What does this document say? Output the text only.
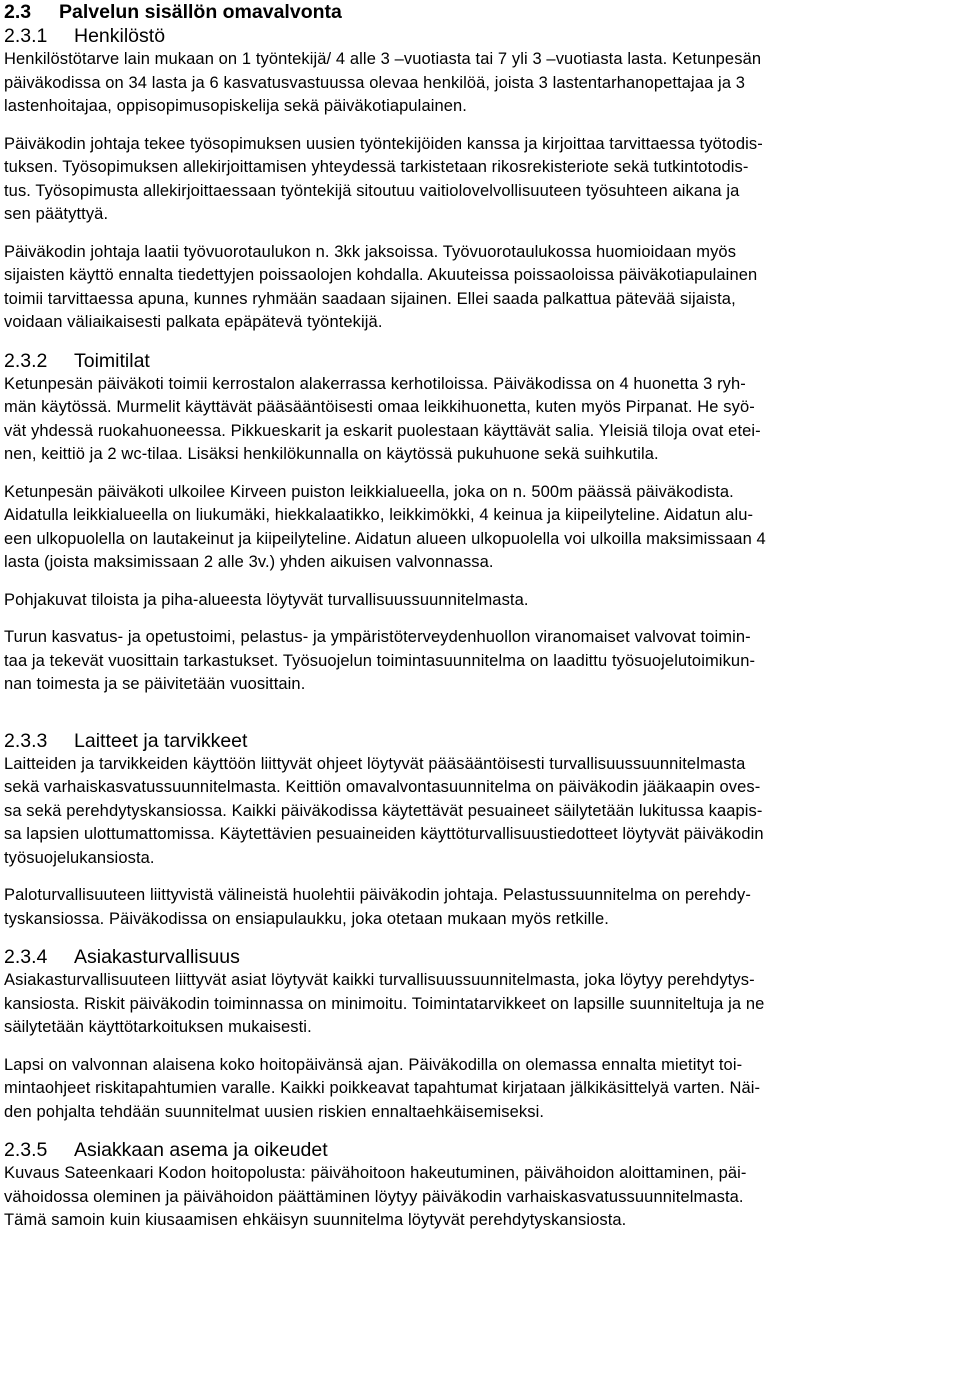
2.3 Palvelun sisällön omavalvonta
2.3.1 Henkilöstö
Henkilöstötarve lain mukaan on 1 työntekijä/ 4 alle 3 –vuotiasta tai 7 yli 3 –vuotiasta lasta. Ketunpesän
päiväkodissa on 34 lasta ja 6 kasvatusvastuussa olevaa henkilöä, joista 3 lastentarhanopettajaa ja 3
lastenhoitajaa, oppisopimusopiskelija sekä päiväkotiapulainen.
Päiväkodin johtaja tekee työsopimuksen uusien työntekijöiden kanssa ja kirjoittaa tarvittaessa työtodis-
tuksen. Työsopimuksen allekirjoittamisen yhteydessä tarkistetaan rikosrekisteriote sekä tutkintotodis-
tus. Työsopimusta allekirjoittaessaan työntekijä sitoutuu vaitiolovelvollisuuteen työsuhteen aikana ja
sen päätyttyä.
Päiväkodin johtaja laatii työvuorotaulukon n. 3kk jaksoissa. Työvuorotaulukossa huomioidaan myös
sijaisten käyttö ennalta tiedettyjen poissaolojen kohdalla. Akuuteissa poissaoloissa päiväkotiapulainen
toimii tarvittaessa apuna, kunnes ryhmään saadaan sijainen. Ellei saada palkattua pätevää sijaista,
voidaan väliaikaisesti palkata epäpätevä työntekijä.
2.3.2 Toimitilat
Ketunpesän päiväkoti toimii kerrostalon alakerrassa kerhotiloissa. Päiväkodissa on 4 huonetta 3 ryh-
män käytössä. Murmelit käyttävät pääsääntöisesti omaa leikkihuonetta, kuten myös Pirpanat. He syö-
vät yhdessä ruokahuoneessa. Pikkueskarit ja eskarit puolestaan käyttävät salia. Yleisiä tiloja ovat etei-
nen, keittiö ja 2 wc-tilaa. Lisäksi henkilökunnalla on käytössä pukuhuone sekä suihkutila.
Ketunpesän päiväkoti ulkoilee Kirveen puiston leikkialueella, joka on n. 500m päässä päiväkodista.
Aidatulla leikkialueella on liukumäki, hiekkalaatikko, leikkimökki, 4 keinua ja kiipeilyteline. Aidatun alu-
een ulkopuolella on lautakeinut ja kiipeilyteline. Aidatun alueen ulkopuolella voi ulkoilla maksimissaan 4
lasta (joista maksimissaan 2 alle 3v.) yhden aikuisen valvonnassa.
Pohjakuvat tiloista ja piha-alueesta löytyvät turvallisuussuunnitelmasta.
Turun kasvatus- ja opetustoimi, pelastus- ja ympäristöterveydenhuollon viranomaiset valvovat toimin-
taa ja tekevät vuosittain tarkastukset. Työsuojelun toimintasuunnitelma on laadittu työsuojelutoimikun-
nan toimesta ja se päivitetään vuosittain.
2.3.3 Laitteet ja tarvikkeet
Laitteiden ja tarvikkeiden käyttöön liittyvät ohjeet löytyvät pääsääntöisesti turvallisuussuunnitelmasta
sekä varhaiskasvatussuunnitelmasta. Keittiön omavalvontasuunnitelma on päiväkodin jääkaapin oves-
sa sekä perehdytyskansiossa. Kaikki päiväkodissa käytettävät pesuaineet säilytetään lukitussa kaapis-
sa lapsien ulottumattomissa. Käytettävien pesuaineiden käyttöturvallisuustiedotteet löytyvät päiväkodin
työsuojelukansiosta.
Paloturvallisuuteen liittyvistä välineistä huolehtii päiväkodin johtaja. Pelastussuunnitelma on perehdy-
tyskansiossa. Päiväkodissa on ensiapulaukku, joka otetaan mukaan myös retkille.
2.3.4 Asiakasturvallisuus
Asiakasturvallisuuteen liittyvät asiat löytyvät kaikki turvallisuussuunnitelmasta, joka löytyy perehdytys-
kansiosta. Riskit päiväkodin toiminnassa on minimoitu. Toimintatarvikkeet on lapsille suunniteltuja ja ne
säilytetään käyttötarkoituksen mukaisesti.
Lapsi on valvonnan alaisena koko hoitopäivänsä ajan. Päiväkodilla on olemassa ennalta mietityt toi-
mintaohjeet riskitapahtumien varalle. Kaikki poikkeavat tapahtumat kirjataan jälkikäsittelyä varten. Näi-
den pohjalta tehdään suunnitelmat uusien riskien ennaltaehkäisemiseksi.
2.3.5 Asiakkaan asema ja oikeudet
Kuvaus Sateenkaari Kodon hoitopolusta: päivähoitoon hakeutuminen, päivähoidon aloittaminen, päi-
vähoidossa oleminen ja päivähoidon päättäminen löytyy päiväkodin varhaiskasvatussuunnitelmasta.
Tämä samoin kuin kiusaamisen ehkäisyn suunnitelma löytyvät perehdytyskansiosta.
